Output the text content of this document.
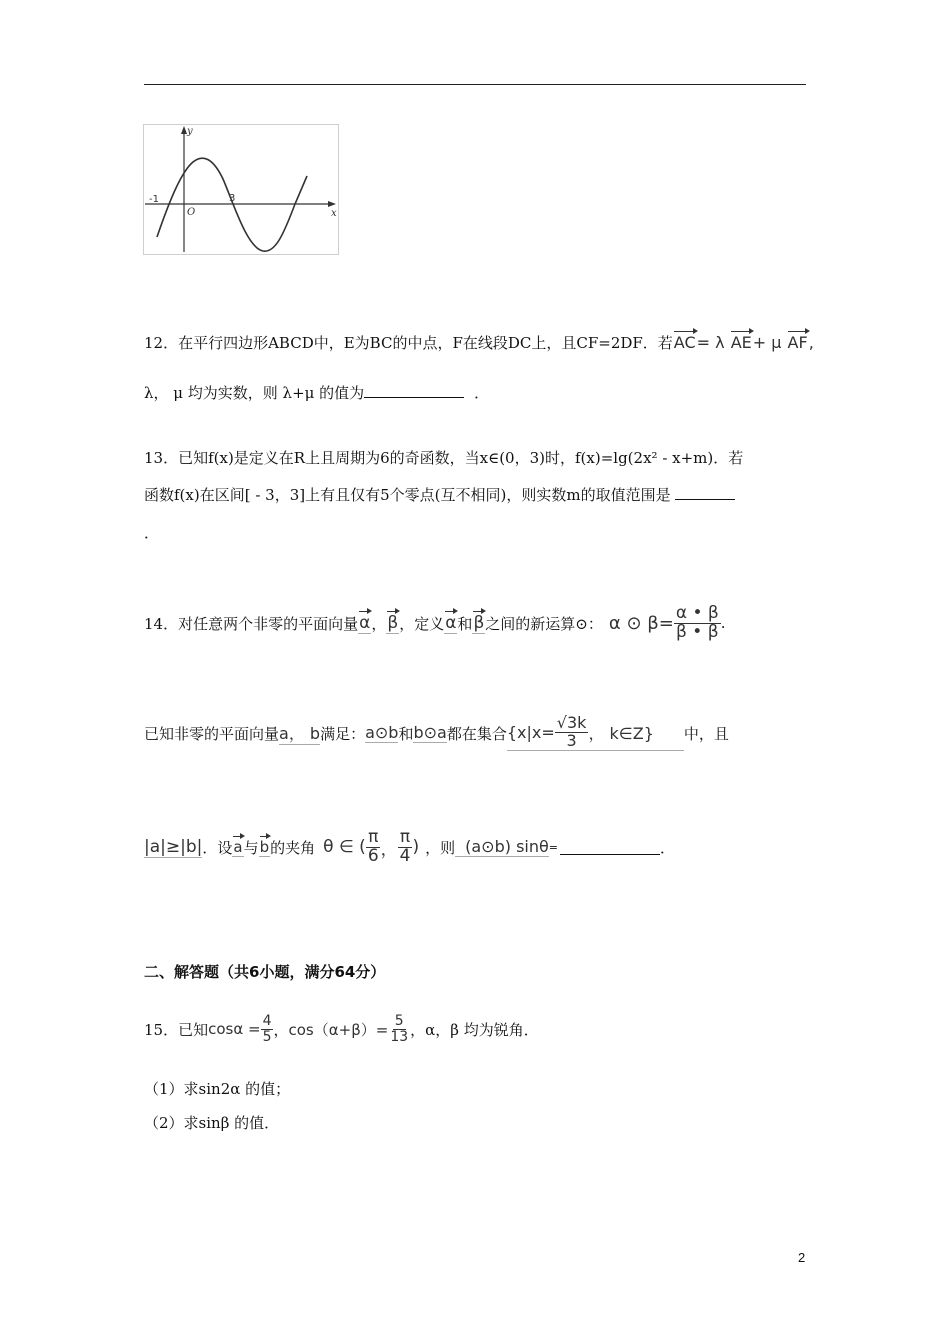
y
x
O
-1	3
12．在平行四边形ABCD中，E为BC的中点，F在线段DC上，且CF=2DF．若AC= λ AE+ μ AF,
λ， μ 均为实数，则 λ+μ 的值为	．
13．已知f(x)是定义在R上且周期为6的奇函数，当x∈(0，3)时，f(x)=lg(2x² - x+m)．若
函数f(x)在区间[ - 3，3]上有且仅有5个零点(互不相同)，则实数m的取值范围是
．
14．对任意两个非零的平面向量 α ， β ，定义 α 和 β 之间的新运算⊙： α ⊙ $\beta = \frac{\alpha • \beta}{\beta • \beta}$ .
已知非零的平面向量 a， b 满足： a⊙b 和 b⊙a 都在集合 {$x|x= \frac{√3k}{3}$ ， k∈Z} 中，且
|a|≥|b| ．设 a 与 b 的夹角 θ ∈ ( $\frac{\pi}{6}$ ， $\frac{\pi}{4}$ ) ，则 (a⊙b) sinθ =	．
二、解答题（共6小题，满分64分）
15．已知 $\cos\alpha = \frac{4}{5}$ ， $\cos(\alpha+\beta)= \frac{5}{13}$ ，α，β 均为锐角．
（1）求sin2α 的值；
（2）求sinβ 的值．
2
